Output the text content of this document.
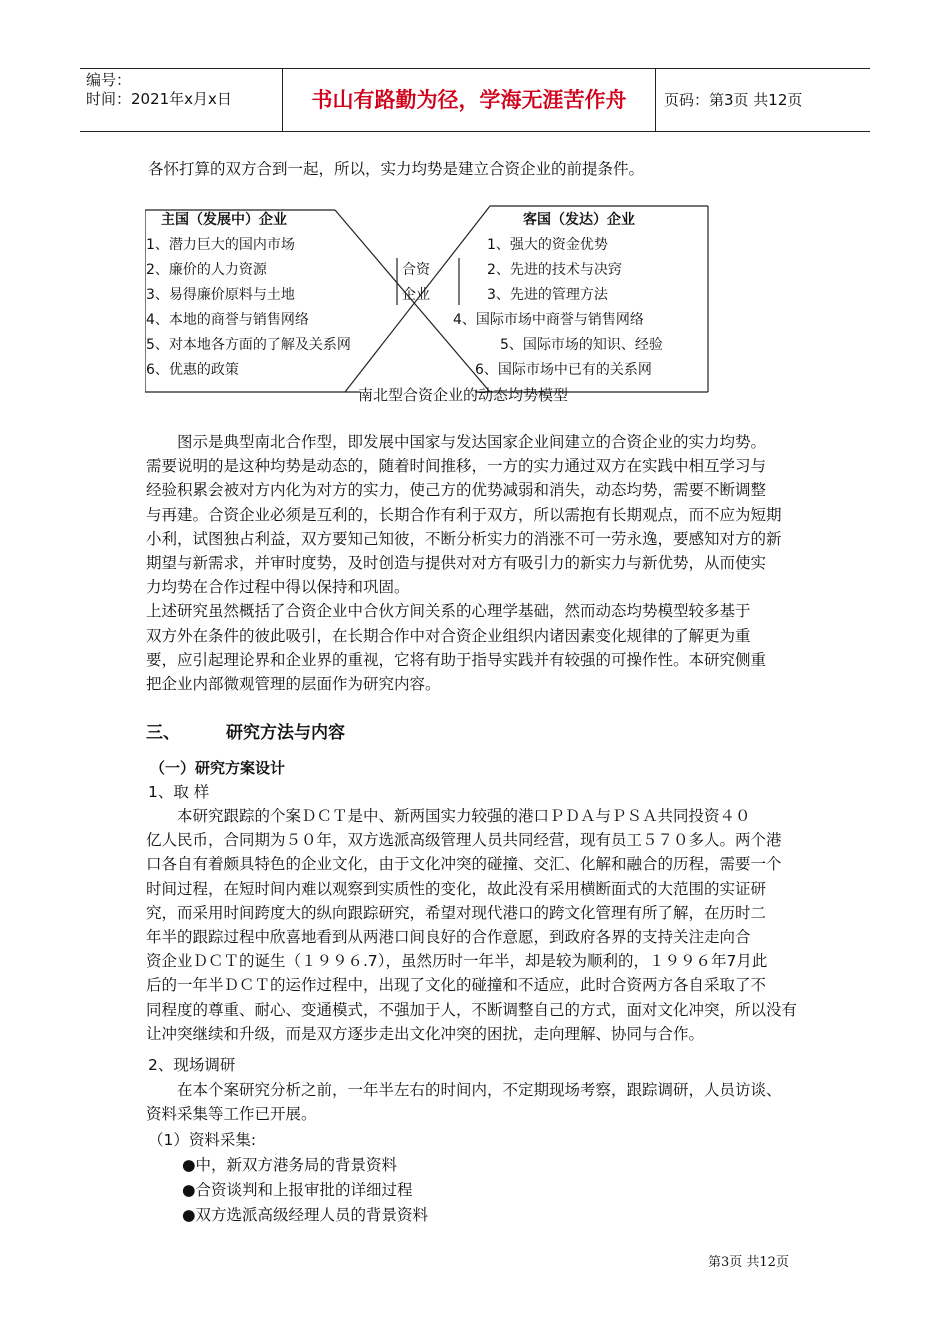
编号：
时间：2021年x月x日	书山有路勤为径，学海无涯苦作舟	页码：第3页 共12页
各怀打算的双方合到一起，所以，实力均势是建立合资企业的前提条件。
主国（发展中）企业
1、潜力巨大的国内市场
2、廉价的人力资源
3、易得廉价原料与土地
4、本地的商誉与销售网络
5、对本地各方面的了解及关系网
6、优惠的政策
客国（发达）企业
1、强大的资金优势
2、先进的技术与决窍
3、先进的管理方法
4、国际市场中商誉与销售网络
5、国际市场的知识、经验
6、国际市场中已有的关系网
合资
企业
南北型合资企业的动态均势模型
图示是典型南北合作型，即发展中国家与发达国家企业间建立的合资企业的实力均势。
需要说明的是这种均势是动态的，随着时间推移，一方的实力通过双方在实践中相互学习与
经验积累会被对方内化为对方的实力，使己方的优势减弱和消失，动态均势，需要不断调整
与再建。合资企业必须是互利的，长期合作有利于双方，所以需抱有长期观点，而不应为短期
小利，试图独占利益，双方要知己知彼，不断分析实力的消涨不可一劳永逸，要感知对方的新
期望与新需求，并审时度势，及时创造与提供对对方有吸引力的新实力与新优势，从而使实
力均势在合作过程中得以保持和巩固。
上述研究虽然概括了合资企业中合伙方间关系的心理学基础，然而动态均势模型较多基于
双方外在条件的彼此吸引，在长期合作中对合资企业组织内诸因素变化规律的了解更为重
要，应引起理论界和企业界的重视，它将有助于指导实践并有较强的可操作性。本研究侧重
把企业内部微观管理的层面作为研究内容。
三、	研究方法与内容
（一）研究方案设计
1、取 样
本研究跟踪的个案ＤＣＴ是中、新两国实力较强的港口ＰＤＡ与ＰＳＡ共同投资４０
亿人民币，合同期为５０年，双方选派高级管理人员共同经营，现有员工５７０多人。两个港
口各自有着颇具特色的企业文化，由于文化冲突的碰撞、交汇、化解和融合的历程，需要一个
时间过程，在短时间内难以观察到实质性的变化，故此没有采用横断面式的大范围的实证研
究，而采用时间跨度大的纵向跟踪研究，希望对现代港口的跨文化管理有所了解，在历时二
年半的跟踪过程中欣喜地看到从两港口间良好的合作意愿，到政府各界的支持关注走向合
资企业ＤＣＴ的诞生（１９９６.7），虽然历时一年半，却是较为顺利的，１９９６年7月此
后的一年半ＤＣＴ的运作过程中，出现了文化的碰撞和不适应，此时合资两方各自采取了不
同程度的尊重、耐心、变通模式，不强加于人，不断调整自己的方式，面对文化冲突，所以没有
让冲突继续和升级，而是双方逐步走出文化冲突的困扰，走向理解、协同与合作。
2、现场调研
在本个案研究分析之前，一年半左右的时间内，不定期现场考察，跟踪调研，人员访谈、
资料采集等工作已开展。
（1）资料采集:
●中，新双方港务局的背景资料
●合资谈判和上报审批的详细过程
●双方选派高级经理人员的背景资料
第3页 共12页
